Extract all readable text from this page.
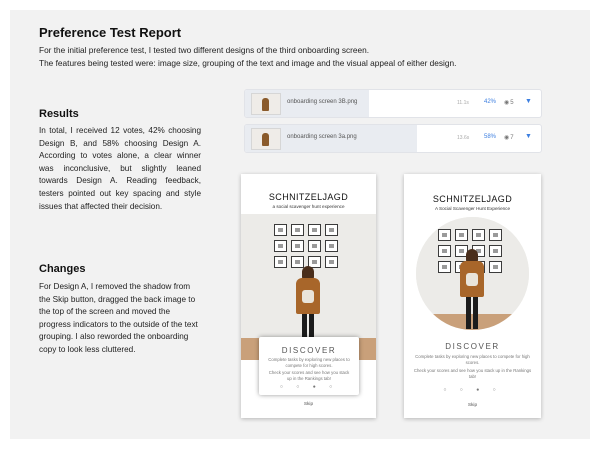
Preference Test Report
For the initial preference test, I tested two different designs of the third onboarding screen.
The features being tested were: image size, grouping of the text and image and the visual appeal of either design.
Results
In total, I received 12 votes, 42% choosing Design B, and 58% choosing Design A. According to votes alone, a clear winner was inconclusive, but slightly leaned towards Design A. Reading feedback, testers pointed out key spacing and style issues that affected their decision.
Changes
For Design A, I removed the shadow from the Skip button, dragged the back image to the top of the screen and moved the progress indicators to the outside of the text grouping. I also reworded the onboarding copy to look less cluttered.
onboarding screen 3B.png	11.1s	42% ◉5 ▼
onboarding screen 3a.png	13.6s 58% ◉7 ▼
SCHNITZELJAGD
a social scavenger hunt experience
DISCOVER
Complete tasks by exploring new places to compete for high scores.
Check your scores and see how you stack up in the Rankings tab!
○ ○ ● ○
Skip
SCHNITZELJAGD
A Social Scavenger Hunt Experience
DISCOVER
Complete tasks by exploring new places to compete for high scores.
Check your scores and see how you stack up in the Rankings tab!
○ ○ ● ○
Skip
